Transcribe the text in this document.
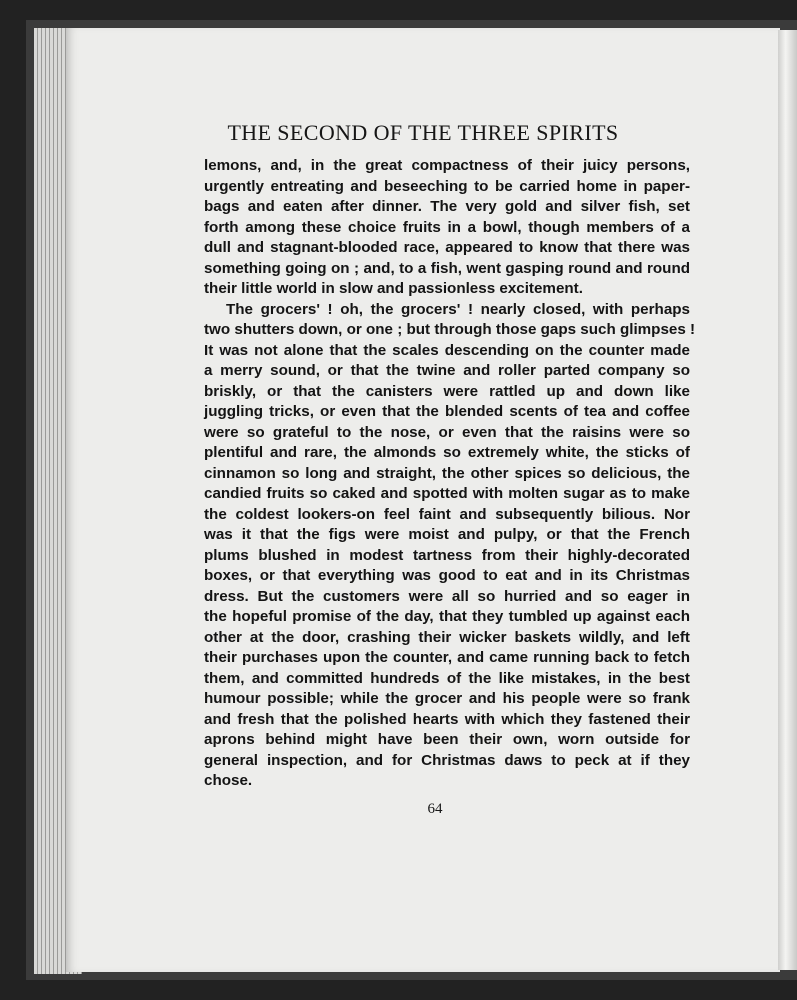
THE SECOND OF THE THREE SPIRITS
lemons, and, in the great compactness of their juicy persons,
urgently entreating and beseeching to be carried home in paper-
bags and eaten after dinner. The very gold and silver fish, set
forth among these choice fruits in a bowl, though members of a
dull and stagnant-blooded race, appeared to know that there was
something going on ; and, to a fish, went gasping round and round
their little world in slow and passionless excitement.
The grocers' ! oh, the grocers' ! nearly closed, with perhaps
two shutters down, or one ; but through those gaps such glimpses !
It was not alone that the scales descending on the counter made
a merry sound, or that the twine and roller parted company so
briskly, or that the canisters were rattled up and down like
juggling tricks, or even that the blended scents of tea and coffee
were so grateful to the nose, or even that the raisins were so
plentiful and rare, the almonds so extremely white, the sticks of
cinnamon so long and straight, the other spices so delicious, the
candied fruits so caked and spotted with molten sugar as to make
the coldest lookers-on feel faint and subsequently bilious. Nor
was it that the figs were moist and pulpy, or that the French
plums blushed in modest tartness from their highly-decorated
boxes, or that everything was good to eat and in its Christmas
dress. But the customers were all so hurried and so eager in
the hopeful promise of the day, that they tumbled up against each
other at the door, crashing their wicker baskets wildly, and left
their purchases upon the counter, and came running back to fetch
them, and committed hundreds of the like mistakes, in the best
humour possible; while the grocer and his people were so frank
and fresh that the polished hearts with which they fastened their
aprons behind might have been their own, worn outside for
general inspection, and for Christmas daws to peck at if they
chose.
64
